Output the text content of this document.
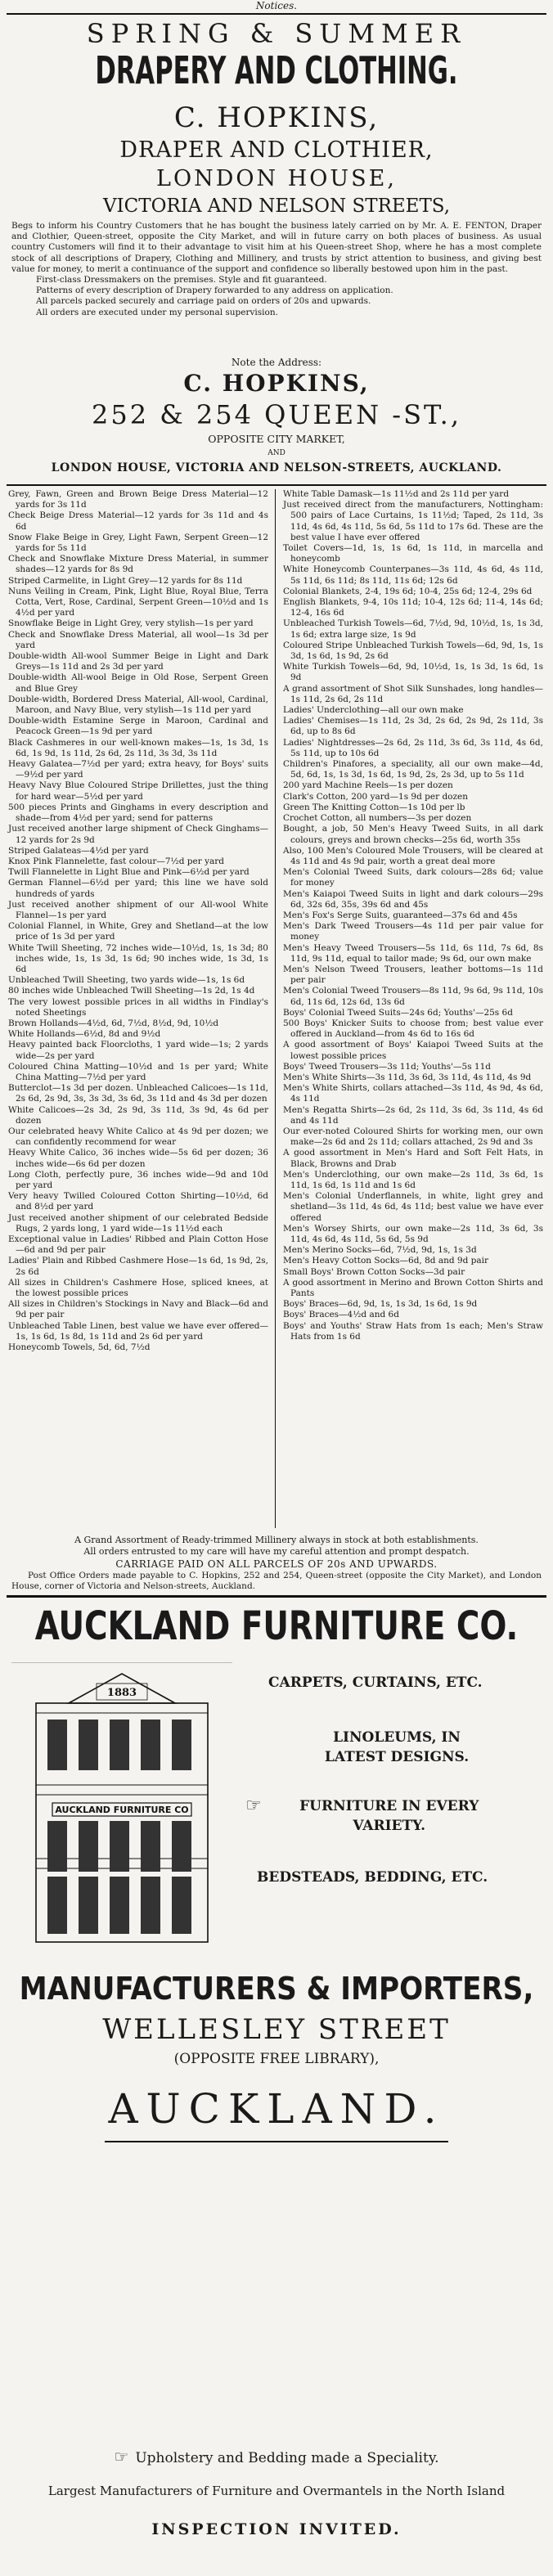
Notices.

SPRING & SUMMER

DRAPERY AND CLOTHING.

C. HOPKINS,

DRAPER AND CLOTHIER,

LONDON HOUSE,

VICTORIA AND NELSON STREETS,

Begs to inform his Country Customers that he has bought the business lately carried on by Mr. A. E. FENTON, Draper and Clothier, Queen-street, opposite the City Market, and will in future carry on both places of business. As usual country Customers will find it to their advantage to visit him at his Queen-street Shop, where he has a most complete stock of all descriptions of Drapery, Clothing and Millinery, and trusts by strict attention to business, and giving best value for money, to merit a continuance of the support and confidence so liberally bestowed upon him in the past.

First-class Dressmakers on the premises. Style and fit guaranteed.

Patterns of every description of Drapery forwarded to any address on application.

All parcels packed securely and carriage paid on orders of 20s and upwards.

All orders are executed under my personal supervision.

Note the Address:

C. HOPKINS,

252 & 254 QUEEN -ST.,

OPPOSITE CITY MARKET,

AND

LONDON HOUSE, VICTORIA AND NELSON-STREETS, AUCKLAND.

Grey, Fawn, Green and Brown Beige Dress Material—12 yards for 3s 11d

Check Beige Dress Material—12 yards for 3s 11d and 4s 6d

Snow Flake Beige in Grey, Light Fawn, Serpent Green—12 yards for 5s 11d

Check and Snowflake Mixture Dress Material, in summer shades—12 yards for 8s 9d

Striped Carmelite, in Light Grey—12 yards for 8s 11d

Nuns Veiling in Cream, Pink, Light Blue, Royal Blue, Terra Cotta, Vert, Rose, Cardinal, Serpent Green—10½d and 1s 4½d per yard

Snowflake Beige in Light Grey, very stylish—1s per yard

Check and Snowflake Dress Material, all wool—1s 3d per yard

Double-width All-wool Summer Beige in Light and Dark Greys—1s 11d and 2s 3d per yard

Double-width All-wool Beige in Old Rose, Serpent Green and Blue Grey

Double-width, Bordered Dress Material, All-wool, Cardinal, Maroon, and Navy Blue, very stylish—1s 11d per yard

Double-width Estamine Serge in Maroon, Cardinal and Peacock Green—1s 9d per yard

Black Cashmeres in our well-known makes—1s, 1s 3d, 1s 6d, 1s 9d, 1s 11d, 2s 6d, 2s 11d, 3s 3d, 3s 11d

Heavy Galatea—7½d per yard; extra heavy, for Boys' suits—9½d per yard

Heavy Navy Blue Coloured Stripe Drillettes, just the thing for hard wear—5½d per yard

500 pieces Prints and Ginghams in every description and shade—from 4½d per yard; send for patterns

Just received another large shipment of Check Ginghams—12 yards for 2s 9d

Striped Galateas—4½d per yard

Knox Pink Flannelette, fast colour—7½d per yard

Twill Flannelette in Light Blue and Pink—6½d per yard

German Flannel—6½d per yard; this line we have sold hundreds of yards

Just received another shipment of our All-wool White Flannel—1s per yard

Colonial Flannel, in White, Grey and Shetland—at the low price of 1s 3d per yard

White Twill Sheeting, 72 inches wide—10½d, 1s, 1s 3d; 80 inches wide, 1s, 1s 3d, 1s 6d; 90 inches wide, 1s 3d, 1s 6d

Unbleached Twill Sheeting, two yards wide—1s, 1s 6d

80 inches wide Unbleached Twill Sheeting—1s 2d, 1s 4d

The very lowest possible prices in all widths in Findlay's noted Sheetings

Brown Hollands—4½d, 6d, 7½d, 8½d, 9d, 10½d

White Hollands—6½d, 8d and 9½d

Heavy painted back Floorcloths, 1 yard wide—1s; 2 yards wide—2s per yard

Coloured China Matting—10½d and 1s per yard; White China Matting—7½d per yard

Butterclot—1s 3d per dozen. Unbleached Calicoes—1s 11d, 2s 6d, 2s 9d, 3s, 3s 3d, 3s 6d, 3s 11d and 4s 3d per dozen

White Calicoes—2s 3d, 2s 9d, 3s 11d, 3s 9d, 4s 6d per dozen

Our celebrated heavy White Calico at 4s 9d per dozen; we can confidently recommend for wear

Heavy White Calico, 36 inches wide—5s 6d per dozen; 36 inches wide—6s 6d per dozen

Long Cloth, perfectly pure, 36 inches wide—9d and 10d per yard

Very heavy Twilled Coloured Cotton Shirting—10½d, 6d and 8½d per yard

Just received another shipment of our celebrated Bedside Rugs, 2 yards long, 1 yard wide—1s 11½d each

Exceptional value in Ladies' Ribbed and Plain Cotton Hose—6d and 9d per pair

Ladies' Plain and Ribbed Cashmere Hose—1s 6d, 1s 9d, 2s, 2s 6d

All sizes in Children's Cashmere Hose, spliced knees, at the lowest possible prices

All sizes in Children's Stockings in Navy and Black—6d and 9d per pair

Unbleached Table Linen, best value we have ever offered—1s, 1s 6d, 1s 8d, 1s 11d and 2s 6d per yard

Honeycomb Towels, 5d, 6d, 7½d

White Table Damask—1s 11½d and 2s 11d per yard

Just received direct from the manufacturers, Nottingham: 500 pairs of Lace Curtains, 1s 11½d; Taped, 2s 11d, 3s 11d, 4s 6d, 4s 11d, 5s 6d, 5s 11d to 17s 6d. These are the best value I have ever offered

Toilet Covers—1d, 1s, 1s 6d, 1s 11d, in marcella and honeycomb

White Honeycomb Counterpanes—3s 11d, 4s 6d, 4s 11d, 5s 11d, 6s 11d; 8s 11d, 11s 6d; 12s 6d

Colonial Blankets, 2-4, 19s 6d; 10-4, 25s 6d; 12-4, 29s 6d

English Blankets, 9-4, 10s 11d; 10-4, 12s 6d; 11-4, 14s 6d; 12-4, 16s 6d

Unbleached Turkish Towels—6d, 7½d, 9d, 10½d, 1s, 1s 3d, 1s 6d; extra large size, 1s 9d

Coloured Stripe Unbleached Turkish Towels—6d, 9d, 1s, 1s 3d, 1s 6d, 1s 9d, 2s 6d

White Turkish Towels—6d, 9d, 10½d, 1s, 1s 3d, 1s 6d, 1s 9d

A grand assortment of Shot Silk Sunshades, long handles—1s 11d, 2s 6d, 2s 11d

Ladies' Underclothing—all our own make

Ladies' Chemises—1s 11d, 2s 3d, 2s 6d, 2s 9d, 2s 11d, 3s 6d, up to 8s 6d

Ladies' Nightdresses—2s 6d, 2s 11d, 3s 6d, 3s 11d, 4s 6d, 5s 11d, up to 10s 6d

Children's Pinafores, a speciality, all our own make—4d, 5d, 6d, 1s, 1s 3d, 1s 6d, 1s 9d, 2s, 2s 3d, up to 5s 11d

200 yard Machine Reels—1s per dozen

Clark's Cotton, 200 yard—1s 9d per dozen

Green The Knitting Cotton—1s 10d per lb

Crochet Cotton, all numbers—3s per dozen

Bought, a job, 50 Men's Heavy Tweed Suits, in all dark colours, greys and brown checks—25s 6d, worth 35s

Also, 100 Men's Coloured Mole Trousers, will be cleared at 4s 11d and 4s 9d pair, worth a great deal more

Men's Colonial Tweed Suits, dark colours—28s 6d; value for money

Men's Kaiapoi Tweed Suits in light and dark colours—29s 6d, 32s 6d, 35s, 39s 6d and 45s

Men's Fox's Serge Suits, guaranteed—37s 6d and 45s

Men's Dark Tweed Trousers—4s 11d per pair value for money

Men's Heavy Tweed Trousers—5s 11d, 6s 11d, 7s 6d, 8s 11d, 9s 11d, equal to tailor made; 9s 6d, our own make

Men's Nelson Tweed Trousers, leather bottoms—1s 11d per pair

Men's Colonial Tweed Trousers—8s 11d, 9s 6d, 9s 11d, 10s 6d, 11s 6d, 12s 6d, 13s 6d

Boys' Colonial Tweed Suits—24s 6d; Youths'—25s 6d

500 Boys' Knicker Suits to choose from; best value ever offered in Auckland—from 4s 6d to 16s 6d

A good assortment of Boys' Kaiapoi Tweed Suits at the lowest possible prices

Boys' Tweed Trousers—3s 11d; Youths'—5s 11d

Men's White Shirts—3s 11d, 3s 6d, 3s 11d, 4s 11d, 4s 9d

Men's White Shirts, collars attached—3s 11d, 4s 9d, 4s 6d, 4s 11d

Men's Regatta Shirts—2s 6d, 2s 11d, 3s 6d, 3s 11d, 4s 6d and 4s 11d

Our ever-noted Coloured Shirts for working men, our own make—2s 6d and 2s 11d; collars attached, 2s 9d and 3s

A good assortment in Men's Hard and Soft Felt Hats, in Black, Browns and Drab

Men's Underclothing, our own make—2s 11d, 3s 6d, 1s 11d, 1s 6d, 1s 11d and 1s 6d

Men's Colonial Underflannels, in white, light grey and shetland—3s 11d, 4s 6d, 4s 11d; best value we have ever offered

Men's Worsey Shirts, our own make—2s 11d, 3s 6d, 3s 11d, 4s 6d, 4s 11d, 5s 6d, 5s 9d

Men's Merino Socks—6d, 7½d, 9d, 1s, 1s 3d

Men's Heavy Cotton Socks—6d, 8d and 9d pair

Small Boys' Brown Cotton Socks—3d pair

A good assortment in Merino and Brown Cotton Shirts and Pants

Boys' Braces—6d, 9d, 1s, 1s 3d, 1s 6d, 1s 9d

Boys' Braces—4½d and 6d

Boys' and Youths' Straw Hats from 1s each; Men's Straw Hats from 1s 6d

A Grand Assortment of Ready-trimmed Millinery always in stock at both establishments.

All orders entrusted to my care will have my careful attention and prompt despatch.

CARRIAGE PAID ON ALL PARCELS OF 20s AND UPWARDS.

Post Office Orders made payable to C. Hopkins, 252 and 254, Queen-street (opposite the City Market), and London House, corner of Victoria and Nelson-streets, Auckland.

AUCKLAND FURNITURE CO.

1883
AUCKLAND FURNITURE CO

CARPETS, CURTAINS, ETC.

LINOLEUMS, IN LATEST DESIGNS.

☞	FURNITURE IN EVERY VARIETY.

BEDSTEADS, BEDDING, ETC.

MANUFACTURERS & IMPORTERS,

WELLESLEY STREET

(OPPOSITE FREE LIBRARY),

AUCKLAND.

☞ Upholstery and Bedding made a Speciality.

Largest Manufacturers of Furniture and Overmantels in the North Island

INSPECTION INVITED.
